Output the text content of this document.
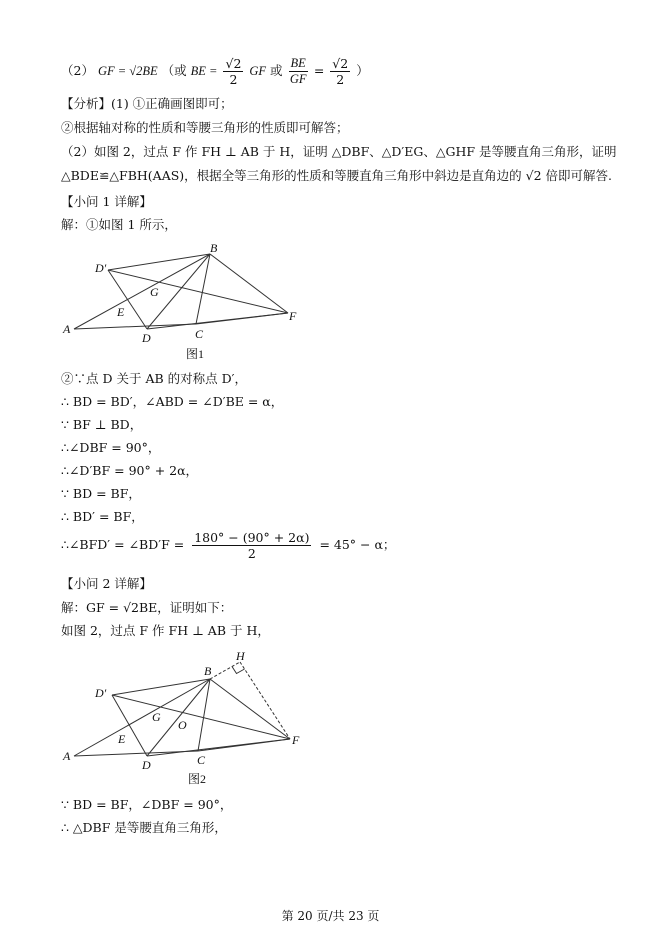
（2） GF = √2BE （或 BE = $\frac{√2}{2}$ GF 或 $\frac{BE}{GF} = \frac{√2}{2}$ ）
【分析】(1) ①正确画图即可；
②根据轴对称的性质和等腰三角形的性质即可解答；
（2）如图 2，过点 F 作 FH ⊥ AB 于 H，证明 △DBF、△D′EG、△GHF 是等腰直角三角形，证明
△BDE≌△FBH(AAS)，根据全等三角形的性质和等腰直角三角形中斜边是直角边的 √2 倍即可解答.
【小问 1 详解】
解：①如图 1 所示，
A
B
C
D
D′
E	F
G
图1
②∵点 D 关于 AB 的对称点 D′，
∴ BD = BD′，∠ABD = ∠D′BE = α，
∵ BF ⊥ BD，
∴∠DBF = 90°，
∴∠D′BF = 90° + 2α，
∵ BD = BF，
∴ BD′ = BF，
∴∠BFD′ = ∠BD′F = $\frac{180^\circ - (90^\circ + 2\alpha)}{2} = 45^\circ - \alpha$；
【小问 2 详解】
解：GF = √2BE，证明如下：
如图 2，过点 F 作 FH ⊥ AB 于 H，
A
B
C
D
D′
E	F
G
H
O
图2
∵ BD = BF，∠DBF = 90°，
∴ △DBF 是等腰直角三角形，
第 20 页/共 23 页
